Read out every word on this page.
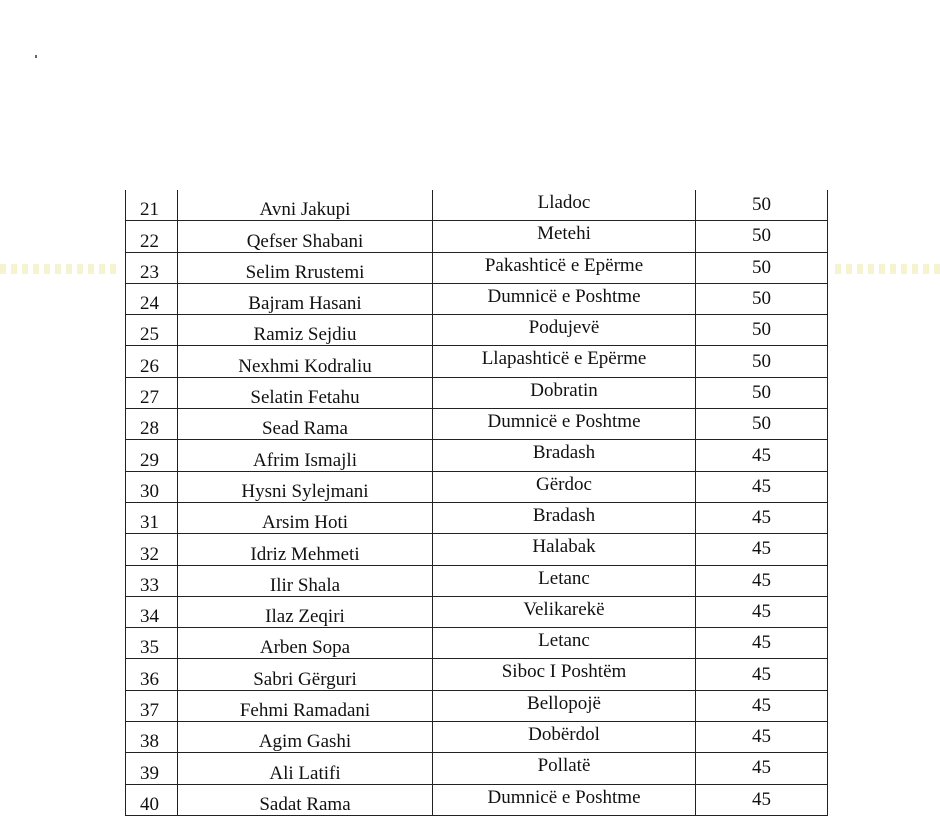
21	Avni Jakupi	Lladoc	50
22	Qefser Shabani	Metehi	50
23	Selim Rrustemi	Pakashticë e Epërme	50
24	Bajram Hasani	Dumnicë e Poshtme	50
25	Ramiz Sejdiu	Podujevë	50
26	Nexhmi Kodraliu	Llapashticë e Epërme	50
27	Selatin Fetahu	Dobratin	50
28	Sead Rama	Dumnicë e Poshtme	50
29	Afrim Ismajli	Bradash	45
30	Hysni Sylejmani	Gërdoc	45
31	Arsim Hoti	Bradash	45
32	Idriz Mehmeti	Halabak	45
33	Ilir Shala	Letanc	45
34	Ilaz Zeqiri	Velikarekë	45
35	Arben Sopa	Letanc	45
36	Sabri Gërguri	Siboc I Poshtëm	45
37	Fehmi Ramadani	Bellopojë	45
38	Agim Gashi	Dobërdol	45
39	Ali Latifi	Pollatë	45
40	Sadat Rama	Dumnicë e Poshtme	45
